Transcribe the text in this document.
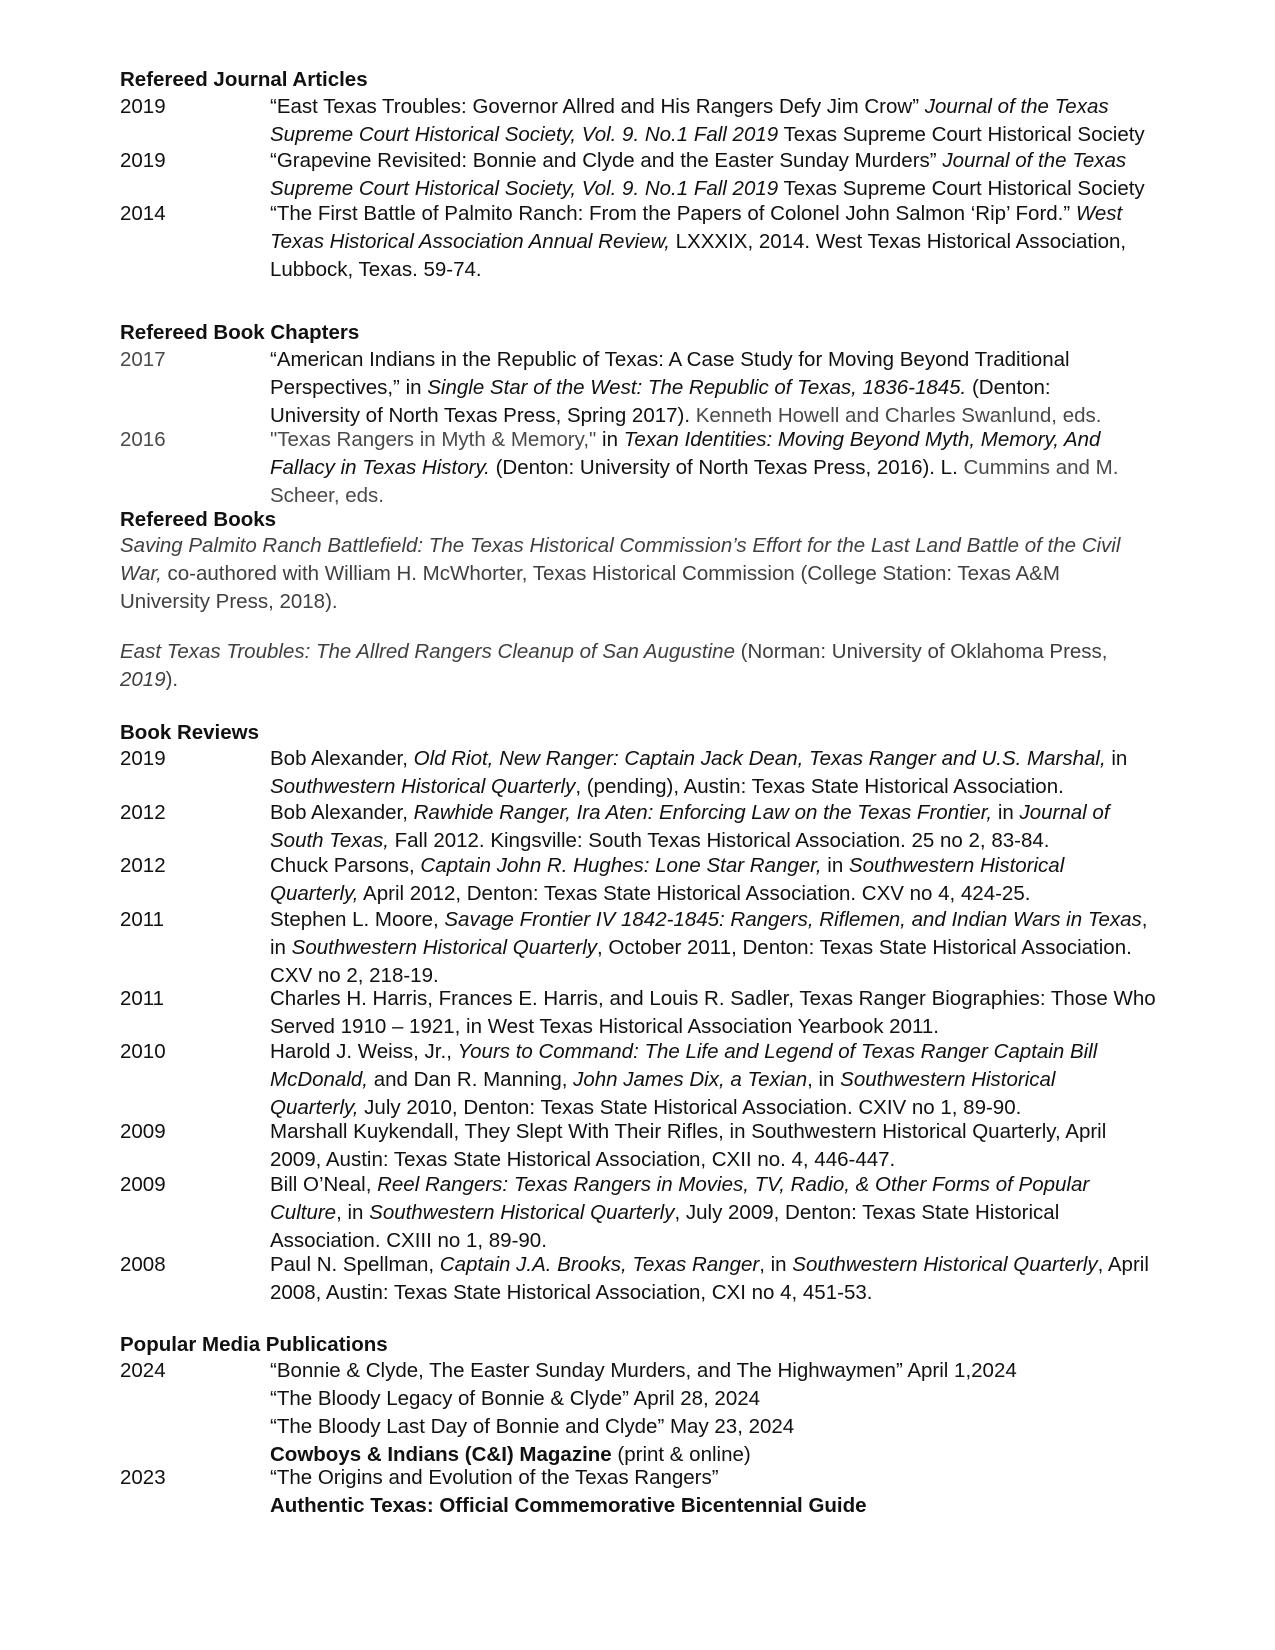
Refereed Journal Articles
2019	“East Texas Troubles: Governor Allred and His Rangers Defy Jim Crow” Journal of the Texas
Supreme Court Historical Society, Vol. 9. No.1 Fall 2019 Texas Supreme Court Historical Society
2019	“Grapevine Revisited: Bonnie and Clyde and the Easter Sunday Murders” Journal of the Texas
Supreme Court Historical Society, Vol. 9. No.1 Fall 2019 Texas Supreme Court Historical Society
2014	“The First Battle of Palmito Ranch: From the Papers of Colonel John Salmon ‘Rip’ Ford.” West
Texas Historical Association Annual Review, LXXXIX, 2014. West Texas Historical Association,
Lubbock, Texas. 59-74.
Refereed Book Chapters
2017	“American Indians in the Republic of Texas: A Case Study for Moving Beyond Traditional
Perspectives,” in Single Star of the West: The Republic of Texas, 1836-1845. (Denton:
University of North Texas Press, Spring 2017). Kenneth Howell and Charles Swanlund, eds.
2016	"Texas Rangers in Myth & Memory," in Texan Identities: Moving Beyond Myth, Memory, And
Fallacy in Texas History. (Denton: University of North Texas Press, 2016). L. Cummins and M.
Scheer, eds.
Refereed Books
Saving Palmito Ranch Battlefield: The Texas Historical Commission’s Effort for the Last Land Battle of the Civil
War, co-authored with William H. McWhorter, Texas Historical Commission (College Station: Texas A&M
University Press, 2018).
East Texas Troubles: The Allred Rangers Cleanup of San Augustine (Norman: University of Oklahoma Press,
2019).
Book Reviews
2019	Bob Alexander, Old Riot, New Ranger: Captain Jack Dean, Texas Ranger and U.S. Marshal, in
Southwestern Historical Quarterly, (pending), Austin: Texas State Historical Association.
2012	Bob Alexander, Rawhide Ranger, Ira Aten: Enforcing Law on the Texas Frontier, in Journal of
South Texas, Fall 2012. Kingsville: South Texas Historical Association. 25 no 2, 83-84.
2012	Chuck Parsons, Captain John R. Hughes: Lone Star Ranger, in Southwestern Historical
Quarterly, April 2012, Denton: Texas State Historical Association. CXV no 4, 424-25.
2011	Stephen L. Moore, Savage Frontier IV 1842-1845: Rangers, Riflemen, and Indian Wars in Texas,
in Southwestern Historical Quarterly, October 2011, Denton: Texas State Historical Association.
CXV no 2, 218-19.
2011	Charles H. Harris, Frances E. Harris, and Louis R. Sadler, Texas Ranger Biographies: Those Who
Served 1910 – 1921, in West Texas Historical Association Yearbook 2011.
2010	Harold J. Weiss, Jr., Yours to Command: The Life and Legend of Texas Ranger Captain Bill
McDonald, and Dan R. Manning, John James Dix, a Texian, in Southwestern Historical
Quarterly, July 2010, Denton: Texas State Historical Association. CXIV no 1, 89-90.
2009	Marshall Kuykendall, They Slept With Their Rifles, in Southwestern Historical Quarterly, April
2009, Austin: Texas State Historical Association, CXII no. 4, 446-447.
2009	Bill O’Neal, Reel Rangers: Texas Rangers in Movies, TV, Radio, & Other Forms of Popular
Culture, in Southwestern Historical Quarterly, July 2009, Denton: Texas State Historical
Association. CXIII no 1, 89-90.
2008	Paul N. Spellman, Captain J.A. Brooks, Texas Ranger, in Southwestern Historical Quarterly, April
2008, Austin: Texas State Historical Association, CXI no 4, 451-53.
Popular Media Publications
2024	“Bonnie & Clyde, The Easter Sunday Murders, and The Highwaymen” April 1,2024
“The Bloody Legacy of Bonnie & Clyde” April 28, 2024
“The Bloody Last Day of Bonnie and Clyde” May 23, 2024
Cowboys & Indians (C&I) Magazine (print & online)
2023	“The Origins and Evolution of the Texas Rangers”
Authentic Texas: Official Commemorative Bicentennial Guide
